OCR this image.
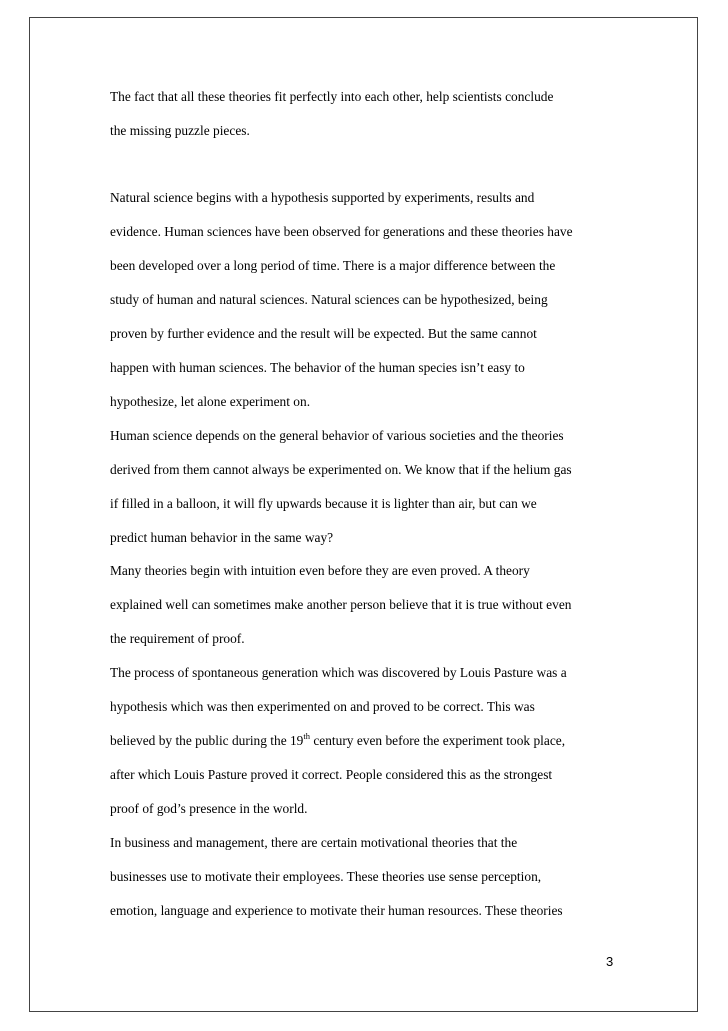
The fact that all these theories fit perfectly into each other, help scientists conclude
the missing puzzle pieces.
Natural science begins with a hypothesis supported by experiments, results and
evidence. Human sciences have been observed for generations and these theories have
been developed over a long period of time. There is a major difference between the
study of human and natural sciences. Natural sciences can be hypothesized, being
proven by further evidence and the result will be expected. But the same cannot
happen with human sciences. The behavior of the human species isn’t easy to
hypothesize, let alone experiment on.
Human science depends on the general behavior of various societies and the theories
derived from them cannot always be experimented on. We know that if the helium gas
if filled in a balloon, it will fly upwards because it is lighter than air, but can we
predict human behavior in the same way?
Many theories begin with intuition even before they are even proved. A theory
explained well can sometimes make another person believe that it is true without even
the requirement of proof.
The process of spontaneous generation which was discovered by Louis Pasture was a
hypothesis which was then experimented on and proved to be correct. This was
believed by the public during the 19th century even before the experiment took place,
after which Louis Pasture proved it correct. People considered this as the strongest
proof of god’s presence in the world.
In business and management, there are certain motivational theories that the
businesses use to motivate their employees. These theories use sense perception,
emotion, language and experience to motivate their human resources. These theories
3
